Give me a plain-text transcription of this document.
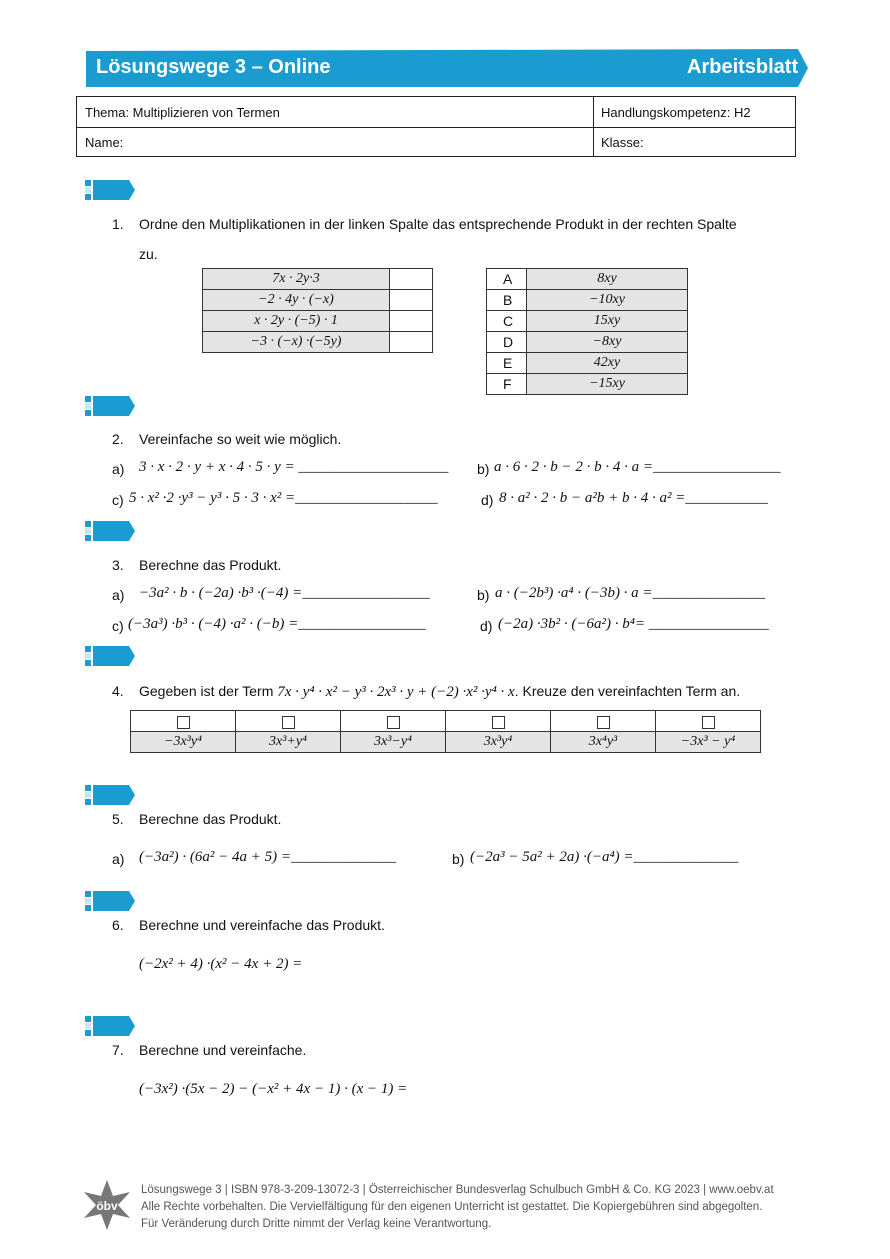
Lösungswege 3 – Online	Arbeitsblatt
Thema: Multiplizieren von Termen	Handlungskompetenz: H2
Name:	Klasse:
1. Ordne den Multiplikationen in der linken Spalte das entsprechende Produkt in der rechten Spalte
zu.
7x · 2y·3	
−2 · 4y · (−x)	
x · 2y · (−5) · 1	
−3 · (−x) ·(−5y)	
A	8xy
B	−10xy
C	15xy
D	−8xy
E	42xy
F	−15xy
2. Vereinfache so weit wie möglich.
a) 3 · x · 2 · y + x · 4 · 5 · y = ____________________ b) a · 6 · 2 · b − 2 · b · 4 · a =_________________
c) 5 · x² ·2 ·y³ − y³ · 5 · 3 · x² =___________________	d) 8 · a² · 2 · b − a²b + b · 4 · a² =___________
3. Berechne das Produkt.
a) −3a² · b · (−2a) ·b³ ·(−4) =_________________	b) a · (−2b³) ·a⁴ · (−3b) · a =_______________
c) (−3a³) ·b³ · (−4) ·a² · (−b) =_________________	d) (−2a) ·3b² · (−6a²) · b⁴= ________________
4. Gegeben ist der Term 7x · y⁴ · x² − y³ · 2x³ · y + (−2) ·x² ·y⁴ · x. Kreuze den vereinfachten Term an.

−3x³y⁴	3x³+y⁴	3x³−y⁴	3x³y⁴	3x⁴y³	−3x³ − y⁴
5. Berechne das Produkt.
a) (−3a²) · (6a² − 4a + 5) =______________	b) (−2a³ − 5a² + 2a) ·(−a⁴) =______________
6. Berechne und vereinfache das Produkt.
(−2x² + 4) ·(x² − 4x + 2) =
7. Berechne und vereinfache.
(−3x²) ·(5x − 2) − (−x² + 4x − 1) · (x − 1) =
öbv
Lösungswege 3 | ISBN 978-3-209-13072-3 | Österreichischer Bundesverlag Schulbuch GmbH & Co. KG 2023 | www.oebv.at
Alle Rechte vorbehalten. Die Vervielfältigung für den eigenen Unterricht ist gestattet. Die Kopiergebühren sind abgegolten.
Für Veränderung durch Dritte nimmt der Verlag keine Verantwortung.
